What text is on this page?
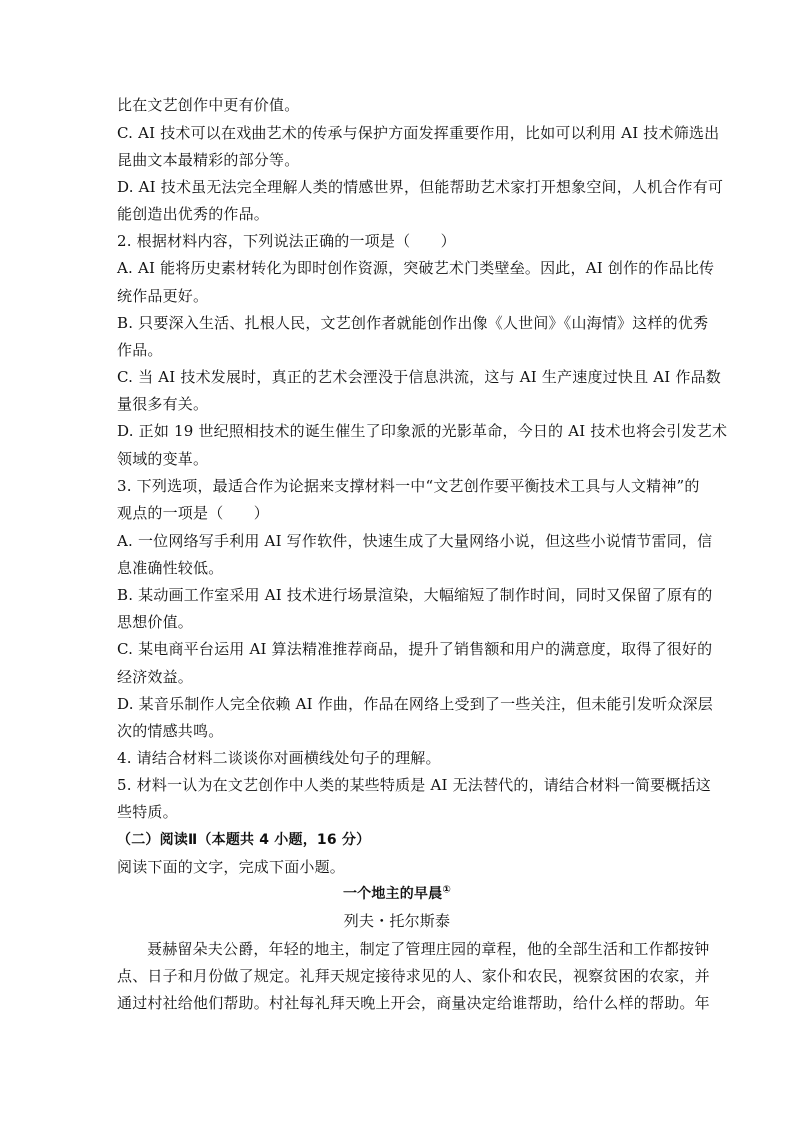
比在文艺创作中更有价值。
C. AI 技术可以在戏曲艺术的传承与保护方面发挥重要作用，比如可以利用 AI 技术筛选出
昆曲文本最精彩的部分等。
D. AI 技术虽无法完全理解人类的情感世界，但能帮助艺术家打开想象空间，人机合作有可
能创造出优秀的作品。
2. 根据材料内容，下列说法正确的一项是（　　）
A. AI 能将历史素材转化为即时创作资源，突破艺术门类壁垒。因此，AI 创作的作品比传
统作品更好。
B. 只要深入生活、扎根人民，文艺创作者就能创作出像《人世间》《山海情》这样的优秀
作品。
C. 当 AI 技术发展时，真正的艺术会湮没于信息洪流，这与 AI 生产速度过快且 AI 作品数
量很多有关。
D. 正如 19 世纪照相技术的诞生催生了印象派的光影革命，今日的 AI 技术也将会引发艺术
领域的变革。
3. 下列选项，最适合作为论据来支撑材料一中“文艺创作要平衡技术工具与人文精神”的
观点的一项是（　　）
A. 一位网络写手利用 AI 写作软件，快速生成了大量网络小说，但这些小说情节雷同，信
息准确性较低。
B. 某动画工作室采用 AI 技术进行场景渲染，大幅缩短了制作时间，同时又保留了原有的
思想价值。
C. 某电商平台运用 AI 算法精准推荐商品，提升了销售额和用户的满意度，取得了很好的
经济效益。
D. 某音乐制作人完全依赖 AI 作曲，作品在网络上受到了一些关注，但未能引发听众深层
次的情感共鸣。
4. 请结合材料二谈谈你对画横线处句子的理解。
5. 材料一认为在文艺创作中人类的某些特质是 AI 无法替代的，请结合材料一简要概括这
些特质。
（二）阅读Ⅱ（本题共 4 小题，16 分）
阅读下面的文字，完成下面小题。
一个地主的早晨①
列夫・托尔斯泰
聂赫留朵夫公爵，年轻的地主，制定了管理庄园的章程，他的全部生活和工作都按钟
点、日子和月份做了规定。礼拜天规定接待求见的人、家仆和农民，视察贫困的农家，并
通过村社给他们帮助。村社每礼拜天晚上开会，商量决定给谁帮助，给什么样的帮助。年
